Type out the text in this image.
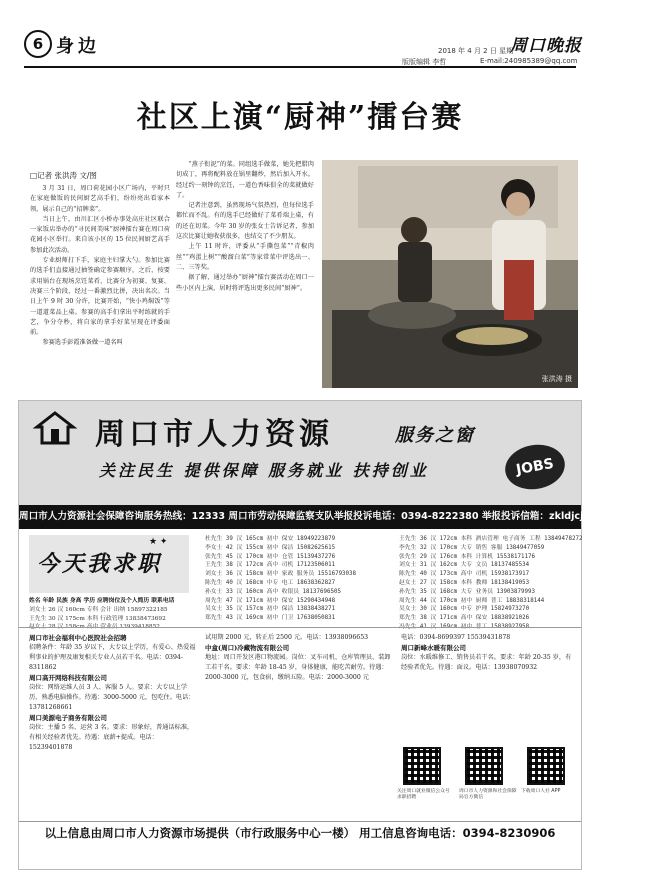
6 身边	2018 年 4 月 2 日 星期一
周口晚报
版版编辑 李哲	E-mail:240985389@qq.com
社区上演“厨神”擂台赛
□记者 张洪涛 文/图

3 月 31 日，周口荷花园小区广场内，平时只在家庭做饭的民间厨艺高手们，纷纷亮出看家本领，展示自己的“招牌菜”。

当日上午，由川汇区小桥办事处高庄社区联合一家饭店举办的“寻民间美味”厨神擂台赛在周口荷花园小区举行。来自该小区的 15 位民间厨艺高手参加此次活动。

专业厨师打下手，家庭主妇掌大勺。参加比赛的选手们直接通过抽签确定参赛顺序，之后，按要求用锅台在现场烹饪菜肴，比赛分为初赛、复赛、决赛三个阶段，经过一番激烈比拼，决出名次。当日上午 9 时 30 分许，比赛开始，“快小鸡焖饭”等一道道菜品上桌。参赛的高手们拿出平时练就的手艺，争分夺秒，将自家的拿手好菜呈现在评委面前。

参赛选手彭霞准备做一道名叫

“燕子衔泥”的菜。同组选手做菜，她先把腊肉切成丁，再将配料放在锅里翻炒，然后加入开水。经过约一刻钟的烹饪，一道色香味俱全的菜就做好了。

记者注意到，虽然现场气氛热烈，但每位选手都忙而不乱。有的选手已经做好了菜肴端上桌，有的还在切菜。今年 30 岁的张女士告诉记者，参加这次比赛让她收获很多，也结交了不少朋友。

上午 11 时许，评委从“手撕包菜”“青椒肉丝”“鸡蛋上树”“酸溜白菜”等家常菜中评选出一、二、三等奖。

据了解，通过举办“厨神”擂台赛活动在周口一些小区内上演，居时将评选出更多民间“厨神”。

张洪涛 摄
周口市人力资源	服务之窗
关注民生 提供保障 服务就业 扶持创业	JOBS
周口市人力资源社会保障咨询服务热线：12333 周口市劳动保障监察支队举报投诉电话：0394-8222380 举报投诉信箱：zkldjcjb@163.com
今天我求职
★ ✦
姓名 年龄 民族 身高 学历 应聘岗位及个人简历 联系电话
刘女士 26 汉 160cm 专科 会计 出纳 15897322185
王先生 30 汉 175cm 本科 行政管理 13838473692
杜先生 39 汉 165cm 初中 保安 18949223879
李女士 42 汉 155cm 初中 保洁 15082625615
张先生 45 汉 170cm 初中 仓管 15139437276
王先生 38 汉 172cm 高中 司机 17123506011
刘女士 36 汉 158cm 初中 家政 服务员 15516793038
陈先生 40 汉 168cm 中专 电工 18638362827
孙女士 33 汉 160cm 高中 收银员 18137696505
周先生 47 汉 171cm 初中 保安 15290434948
吴女士 35 汉 157cm 初中 保洁 13838438271
郑先生 43 汉 169cm 初中 门卫 17638050831
王先生 36 汉 172cm 本科 酒店管理 电子商务 工程 13849478272
李先生 32 汉 170cm 大专 销售 客服 13849477059
张先生 29 汉 176cm 本科 计算机 15538171176
刘女士 31 汉 162cm 大专 文员 18137485534
陈先生 40 汉 173cm 高中 司机 15938173917
赵女士 27 汉 158cm 本科 教师 18138419053
孙先生 35 汉 168cm 大专 业务员 13903879993
周先生 44 汉 170cm 初中 厨师 普工 18838318144
吴女士 30 汉 160cm 中专 护理 15824973270
郑先生 38 汉 171cm 高中 保安 18838921026
周口市社会福利中心医院社会招聘
招聘条件：年龄 35 岁以下，大专以上学历，有爱心、热爱福利事业的护理及康复相关专业人员若干名。电话：0394-8311862
周口高开网络科技有限公司
岗位：网络运维人员 3 人、客服 5 人。要求：大专以上学历，熟悉电脑操作。待遇：3000-5000 元，包吃住。电话：13781268661
周口美源电子商务有限公司
岗位：主播 5 名、运营 3 名。要求：形象好，普通话标准，有相关经验者优先。待遇：底薪+提成。电话：15239401878
试用期 2000 元，转正后 2500 元。电话：13938096653
中盒(周口)冷藏物流有限公司
地址：周口开发区港口物流园。岗位：叉车司机、仓库管理员、装卸工若干名。要求：年龄 18-45 岁，身体健康，能吃苦耐劳。待遇：2000-3000 元，包食宿，缴纳五险。电话：2000-3000 元
电话：0394-8699397 15539431878
周口新峰水暖有限公司
岗位：水暖维修工、销售员若干名。要求：年龄 20-35 岁，有经验者优先。待遇：面议。电话：13938070932
关注周口就业微信公众号 求职招聘
周口市人力资源和社会保障局官方微信
下载周口人社 APP
以上信息由周口市人力资源市场提供（市行政服务中心一楼） 用工信息咨询电话：0394-8230906
